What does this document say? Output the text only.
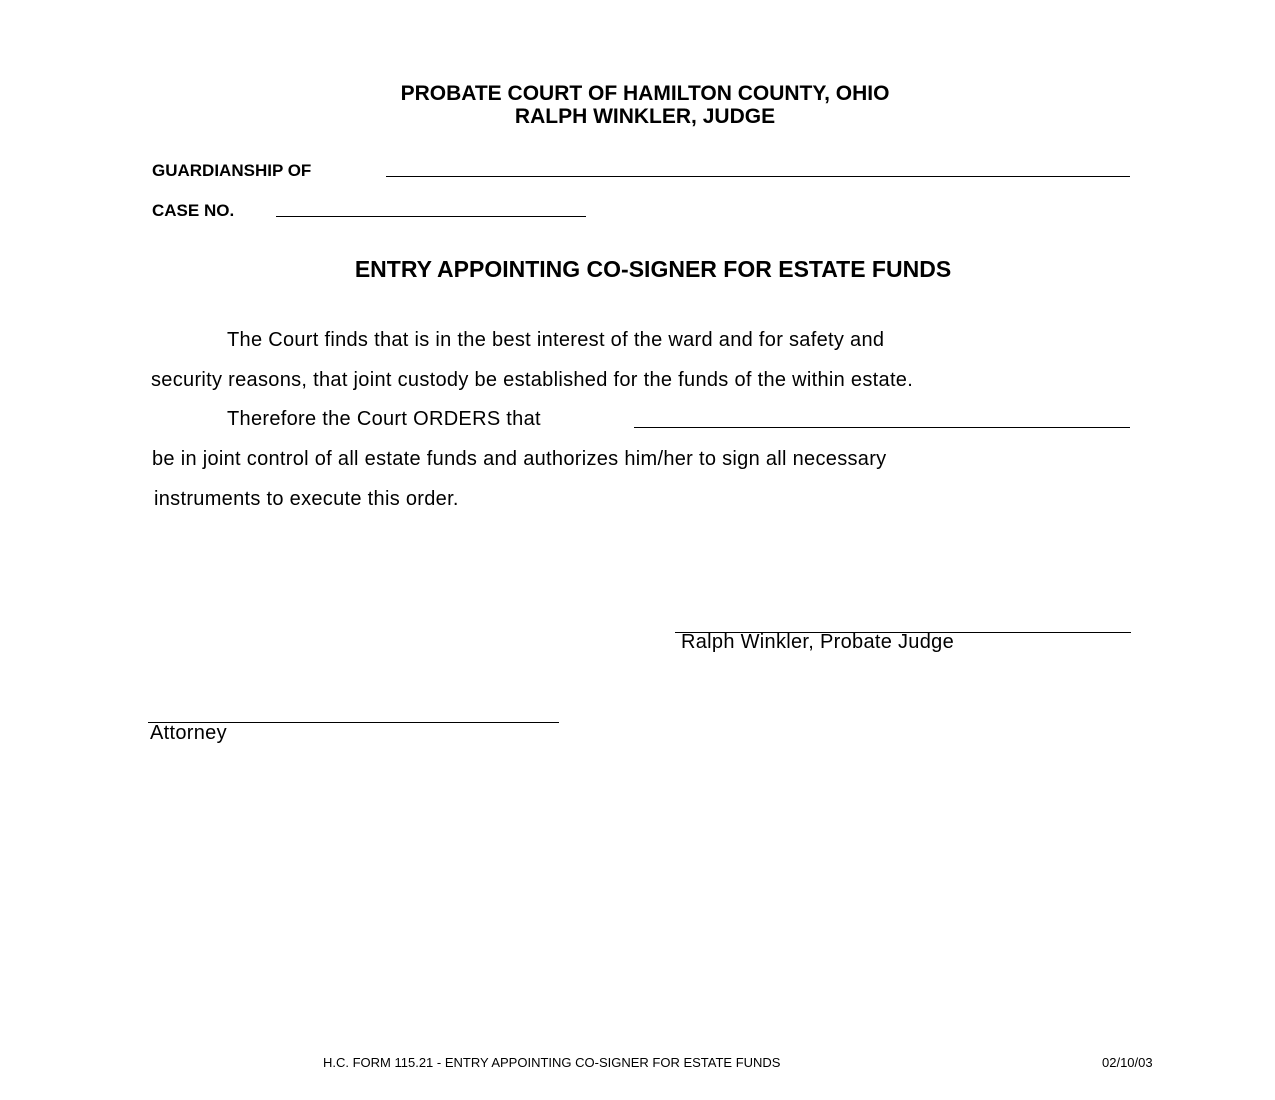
PROBATE COURT OF HAMILTON COUNTY, OHIO
RALPH WINKLER, JUDGE
GUARDIANSHIP OF
CASE NO.
ENTRY APPOINTING CO-SIGNER FOR ESTATE FUNDS
The Court finds that is in the best interest of the ward and for safety and
security reasons, that joint custody be established for the funds of the within estate.
Therefore the Court ORDERS that
be in joint control of all estate funds and authorizes him/her to sign all necessary
instruments to execute this order.
Ralph Winkler, Probate Judge
Attorney
H.C. FORM 115.21 - ENTRY APPOINTING CO-SIGNER FOR ESTATE FUNDS	02/10/03
